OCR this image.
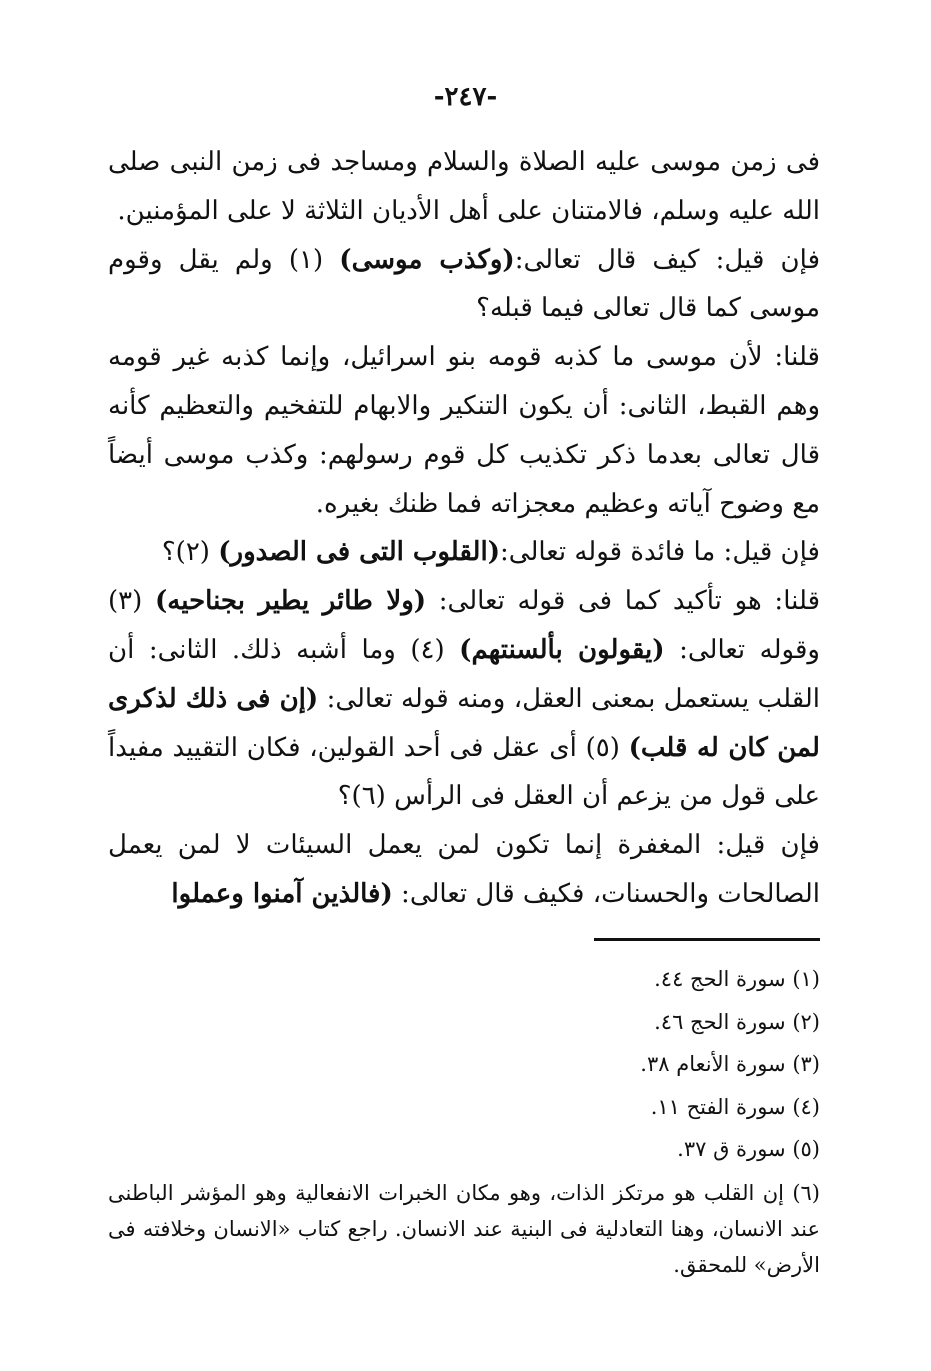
-٢٤٧-

فى زمن موسى عليه الصلاة والسلام ومساجد فى زمن النبى صلى الله عليه وسلم، فالامتنان على أهل الأديان الثلاثة لا على المؤمنين.

فإن قيل: كيف قال تعالى:(وكذب موسى) (١) ولم يقل وقوم موسى كما قال تعالى فيما قبله؟

قلنا: لأن موسى ما كذبه قومه بنو اسرائيل، وإنما كذبه غير قومه وهم القبط، الثانى: أن يكون التنكير والابهام للتفخيم والتعظيم كأنه قال تعالى بعدما ذكر تكذيب كل قوم رسولهم: وكذب موسى أيضاً مع وضوح آياته وعظيم معجزاته فما ظنك بغيره.

فإن قيل: ما فائدة قوله تعالى:(القلوب التى فى الصدور) (٢)؟

قلنا: هو تأكيد كما فى قوله تعالى: (ولا طائر يطير بجناحيه) (٣) وقوله تعالى: (يقولون بألسنتهم) (٤) وما أشبه ذلك. الثانى: أن القلب يستعمل بمعنى العقل، ومنه قوله تعالى: (إن فى ذلك لذكرى لمن كان له قلب) (٥) أى عقل فى أحد القولين، فكان التقييد مفيداً على قول من يزعم أن العقل فى الرأس (٦)؟

فإن قيل: المغفرة إنما تكون لمن يعمل السيئات لا لمن يعمل الصالحات والحسنات، فكيف قال تعالى: (فالذين آمنوا وعملوا

(١) سورة الحج ٤٤.

(٢) سورة الحج ٤٦.

(٣) سورة الأنعام ٣٨.

(٤) سورة الفتح ١١.

(٥) سورة ق ٣٧.

(٦) إن القلب هو مرتكز الذات، وهو مكان الخبرات الانفعالية وهو المؤشر الباطنى عند الانسان، وهنا التعادلية فى البنية عند الانسان. راجع كتاب «الانسان وخلافته فى الأرض» للمحقق.
